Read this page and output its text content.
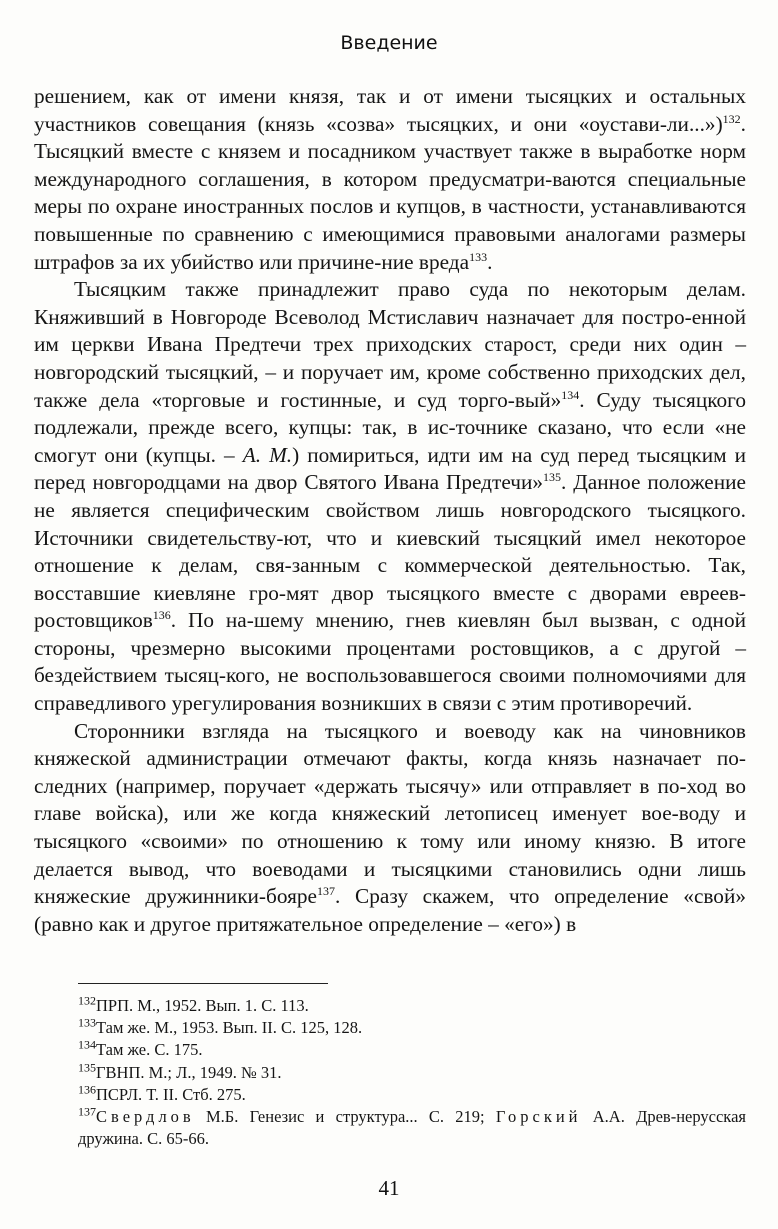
Введение

решением, как от имени князя, так и от имени тысяцких и остальных участников совещания (князь «созва» тысяцких, и они «оустави-ли...»)$^{132}$. Тысяцкий вместе с князем и посадником участвует также в выработке норм международного соглашения, в котором предусматри-ваются специальные меры по охране иностранных послов и купцов, в частности, устанавливаются повышенные по сравнению с имеющимися правовыми аналогами размеры штрафов за их убийство или причине-ние вреда$^{133}$.

Тысяцким также принадлежит право суда по некоторым делам. Княживший в Новгороде Всеволод Мстиславич назначает для постро-енной им церкви Ивана Предтечи трех приходских старост, среди них один – новгородский тысяцкий, – и поручает им, кроме собственно приходских дел, также дела «торговые и гостинные, и суд торго-вый»$^{134}$. Суду тысяцкого подлежали, прежде всего, купцы: так, в ис-точнике сказано, что если «не смогут они (купцы. – А. М.) помириться, идти им на суд перед тысяцким и перед новгородцами на двор Святого Ивана Предтечи»$^{135}$. Данное положение не является специфическим свойством лишь новгородского тысяцкого. Источники свидетельству-ют, что и киевский тысяцкий имел некоторое отношение к делам, свя-занным с коммерческой деятельностью. Так, восставшие киевляне гро-мят двор тысяцкого вместе с дворами евреев-ростовщиков$^{136}$. По на-шему мнению, гнев киевлян был вызван, с одной стороны, чрезмерно высокими процентами ростовщиков, а с другой – бездействием тысяц-кого, не воспользовавшегося своими полномочиями для справедливого урегулирования возникших в связи с этим противоречий.

Сторонники взгляда на тысяцкого и воеводу как на чиновников княжеской администрации отмечают факты, когда князь назначает по-следних (например, поручает «держать тысячу» или отправляет в по-ход во главе войска), или же когда княжеский летописец именует вое-воду и тысяцкого «своими» по отношению к тому или иному князю. В итоге делается вывод, что воеводами и тысяцкими становились одни лишь княжеские дружинники-бояре$^{137}$. Сразу скажем, что определение «свой» (равно как и другое притяжательное определение – «его») в

$^{132}$ПРП. М., 1952. Вып. 1. С. 113.
$^{133}$Там же. М., 1953. Вып. II. С. 125, 128.
$^{134}$Там же. С. 175.
$^{135}$ГВНП. М.; Л., 1949. № 31.
$^{136}$ПСРЛ. Т. II. Стб. 275.
$^{137}$Свердлов М.Б. Генезис и структура... С. 219; Горский А.А. Древ-нерусская дружина. С. 65-66.
41
